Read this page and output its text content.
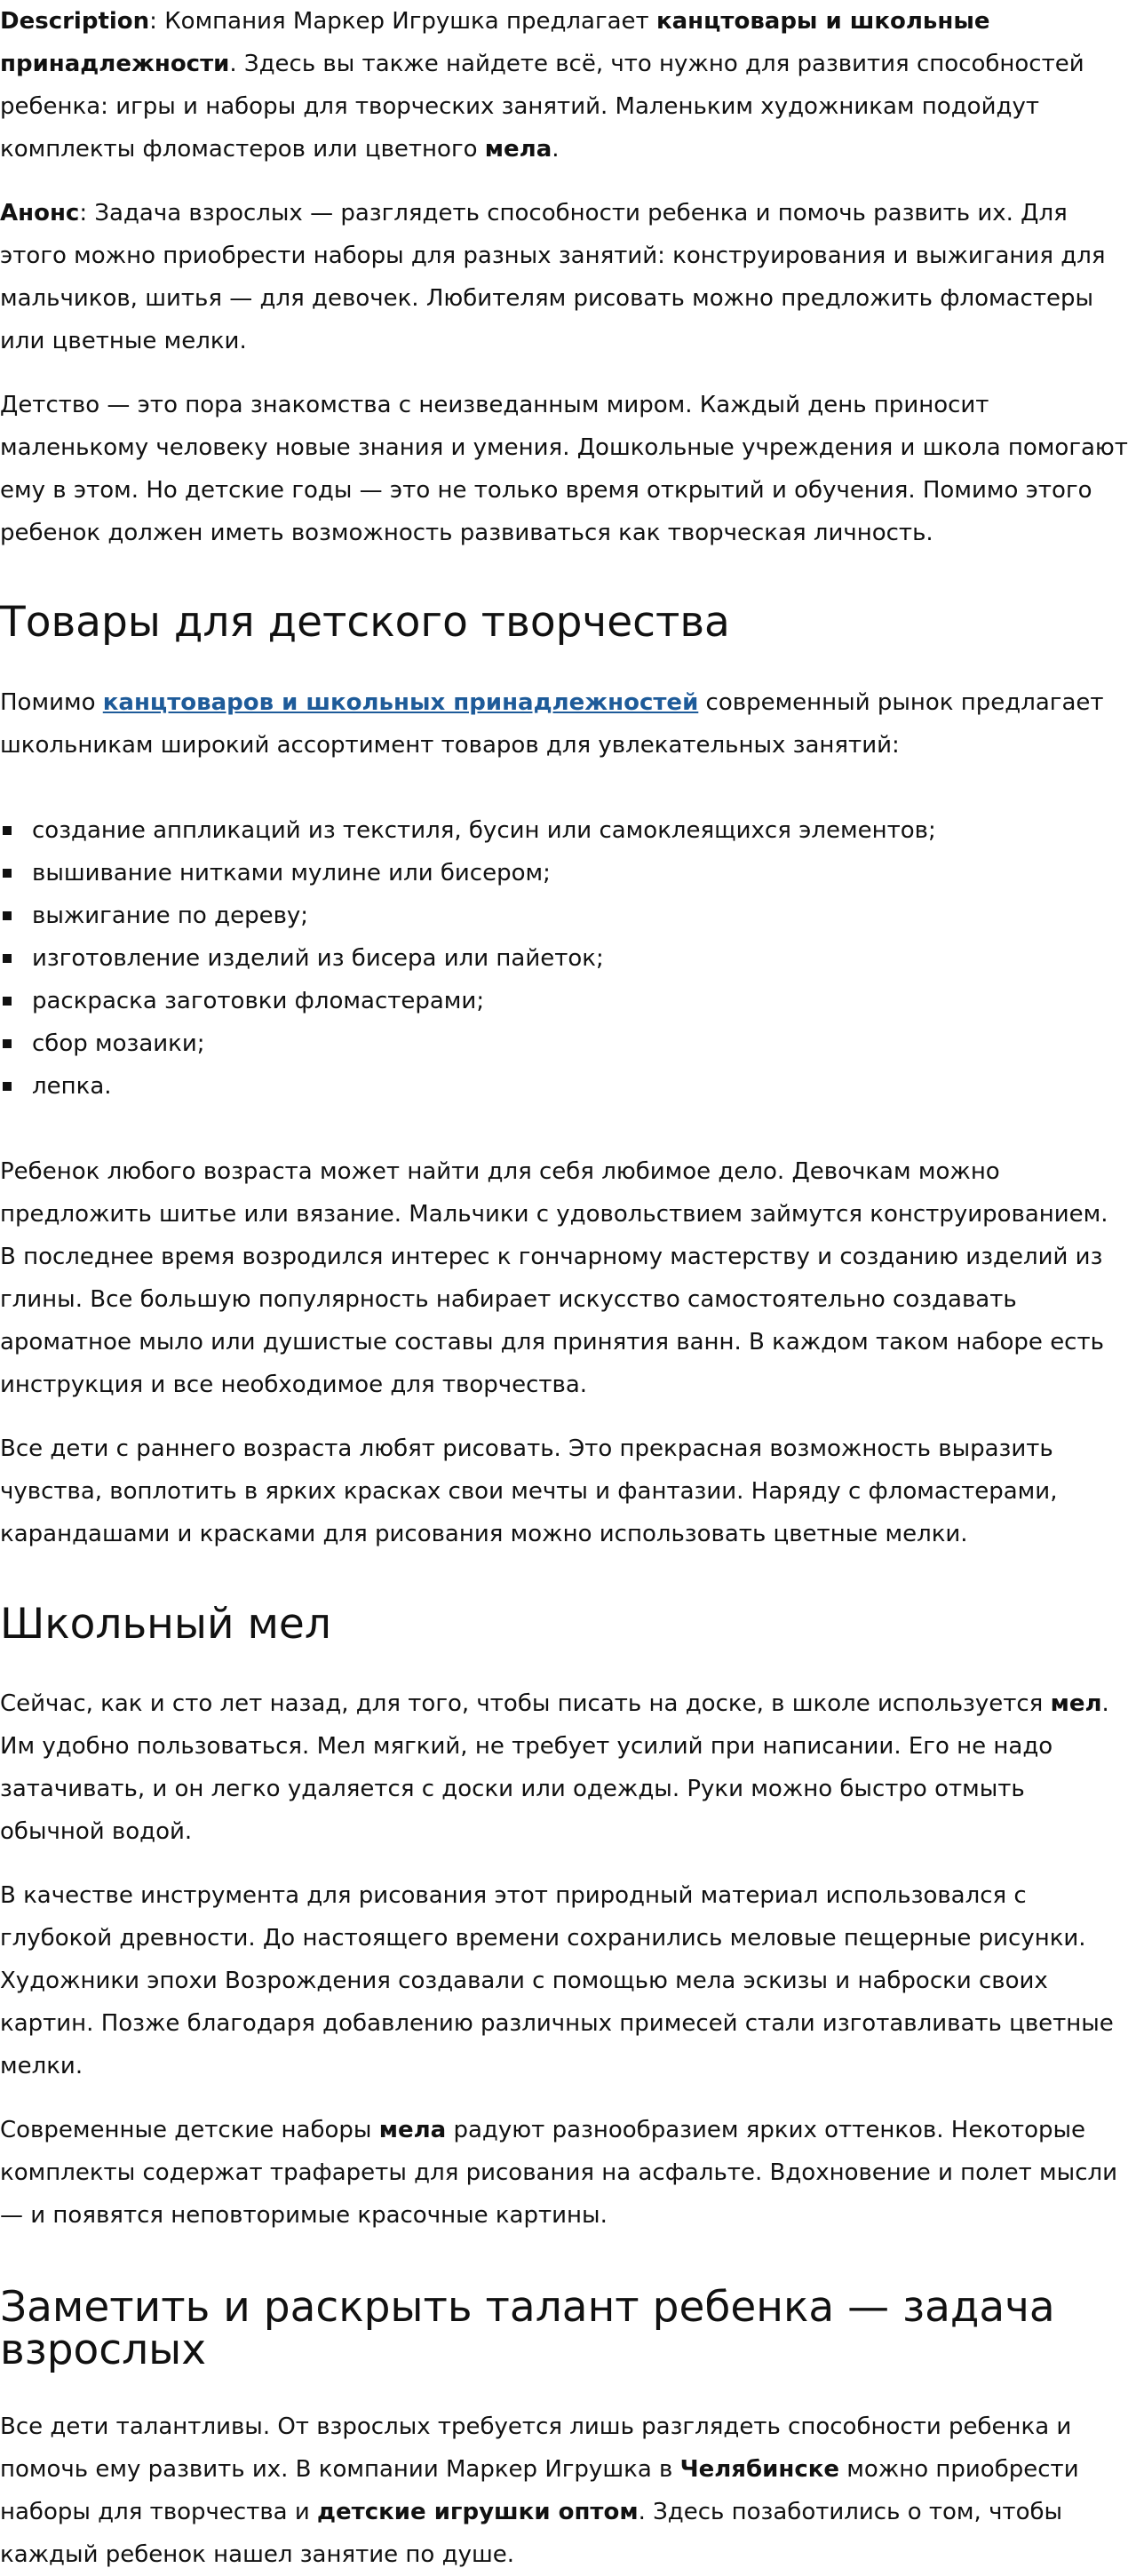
Description: Компания Маркер Игрушка предлагает канцтовары и школьные принадлежности. Здесь вы также найдете всё, что нужно для развития способностей ребенка: игры и наборы для творческих занятий. Маленьким художникам подойдут комплекты фломастеров или цветного мела.

Анонс: Задача взрослых — разглядеть способности ребенка и помочь развить их. Для этого можно приобрести наборы для разных занятий: конструирования и выжигания для мальчиков, шитья — для девочек. Любителям рисовать можно предложить фломастеры или цветные мелки.

Детство — это пора знакомства с неизведанным миром. Каждый день приносит маленькому человеку новые знания и умения. Дошкольные учреждения и школа помогают ему в этом. Но детские годы — это не только время открытий и обучения. Помимо этого ребенок должен иметь возможность развиваться как творческая личность.

Товары для детского творчества

Помимо канцтоваров и школьных принадлежностей современный рынок предлагает школьникам широкий ассортимент товаров для увлекательных занятий:

создание аппликаций из текстиля, бусин или самоклеящихся элементов;
вышивание нитками мулине или бисером;
выжигание по дереву;
изготовление изделий из бисера или пайеток;
раскраска заготовки фломастерами;
сбор мозаики;
лепка.

Ребенок любого возраста может найти для себя любимое дело. Девочкам можно предложить шитье или вязание. Мальчики с удовольствием займутся конструированием. В последнее время возродился интерес к гончарному мастерству и созданию изделий из глины. Все большую популярность набирает искусство самостоятельно создавать ароматное мыло или душистые составы для принятия ванн. В каждом таком наборе есть инструкция и все необходимое для творчества.

Все дети с раннего возраста любят рисовать. Это прекрасная возможность выразить чувства, воплотить в ярких красках свои мечты и фантазии. Наряду с фломастерами, карандашами и красками для рисования можно использовать цветные мелки.

Школьный мел

Сейчас, как и сто лет назад, для того, чтобы писать на доске, в школе используется мел. Им удобно пользоваться. Мел мягкий, не требует усилий при написании. Его не надо затачивать, и он легко удаляется с доски или одежды. Руки можно быстро отмыть обычной водой.

В качестве инструмента для рисования этот природный материал использовался с глубокой древности. До настоящего времени сохранились меловые пещерные рисунки. Художники эпохи Возрождения создавали с помощью мела эскизы и наброски своих картин. Позже благодаря добавлению различных примесей стали изготавливать цветные мелки.

Современные детские наборы мела радуют разнообразием ярких оттенков. Некоторые комплекты содержат трафареты для рисования на асфальте. Вдохновение и полет мысли — и появятся неповторимые красочные картины.

Заметить и раскрыть талант ребенка — задача взрослых

Все дети талантливы. От взрослых требуется лишь разглядеть способности ребенка и помочь ему развить их. В компании Маркер Игрушка в Челябинске можно приобрести наборы для творчества и детские игрушки оптом. Здесь позаботились о том, чтобы каждый ребенок нашел занятие по душе.
